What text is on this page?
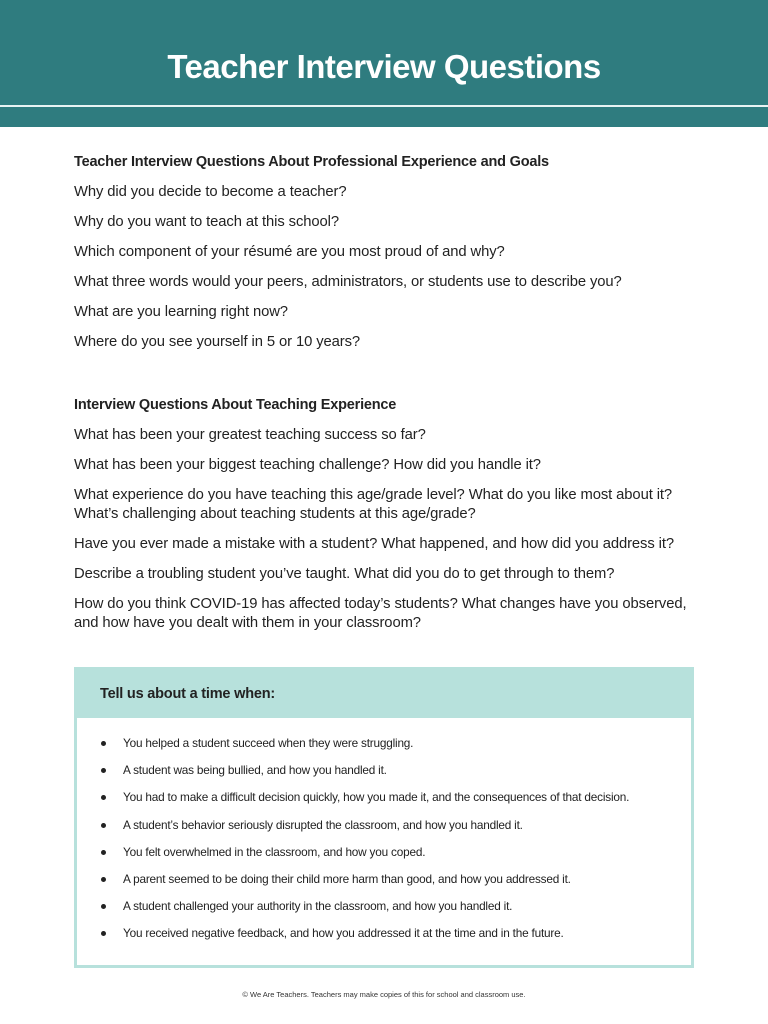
Teacher Interview Questions
Teacher Interview Questions About Professional Experience and Goals
Why did you decide to become a teacher?
Why do you want to teach at this school?
Which component of your résumé are you most proud of and why?
What three words would your peers, administrators, or students use to describe you?
What are you learning right now?
Where do you see yourself in 5 or 10 years?
Interview Questions About Teaching Experience
What has been your greatest teaching success so far?
What has been your biggest teaching challenge? How did you handle it?
What experience do you have teaching this age/grade level? What do you like most about it? What’s challenging about teaching students at this age/grade?
Have you ever made a mistake with a student? What happened, and how did you address it?
Describe a troubling student you’ve taught. What did you do to get through to them?
How do you think COVID-19 has affected today’s students? What changes have you observed, and how have you dealt with them in your classroom?
Tell us about a time when:
You helped a student succeed when they were struggling.
A student was being bullied, and how you handled it.
You had to make a difficult decision quickly, how you made it, and the consequences of that decision.
A student’s behavior seriously disrupted the classroom, and how you handled it.
You felt overwhelmed in the classroom, and how you coped.
A parent seemed to be doing their child more harm than good, and how you addressed it.
A student challenged your authority in the classroom, and how you handled it.
You received negative feedback, and how you addressed it at the time and in the future.
© We Are Teachers. Teachers may make copies of this for school and classroom use.
